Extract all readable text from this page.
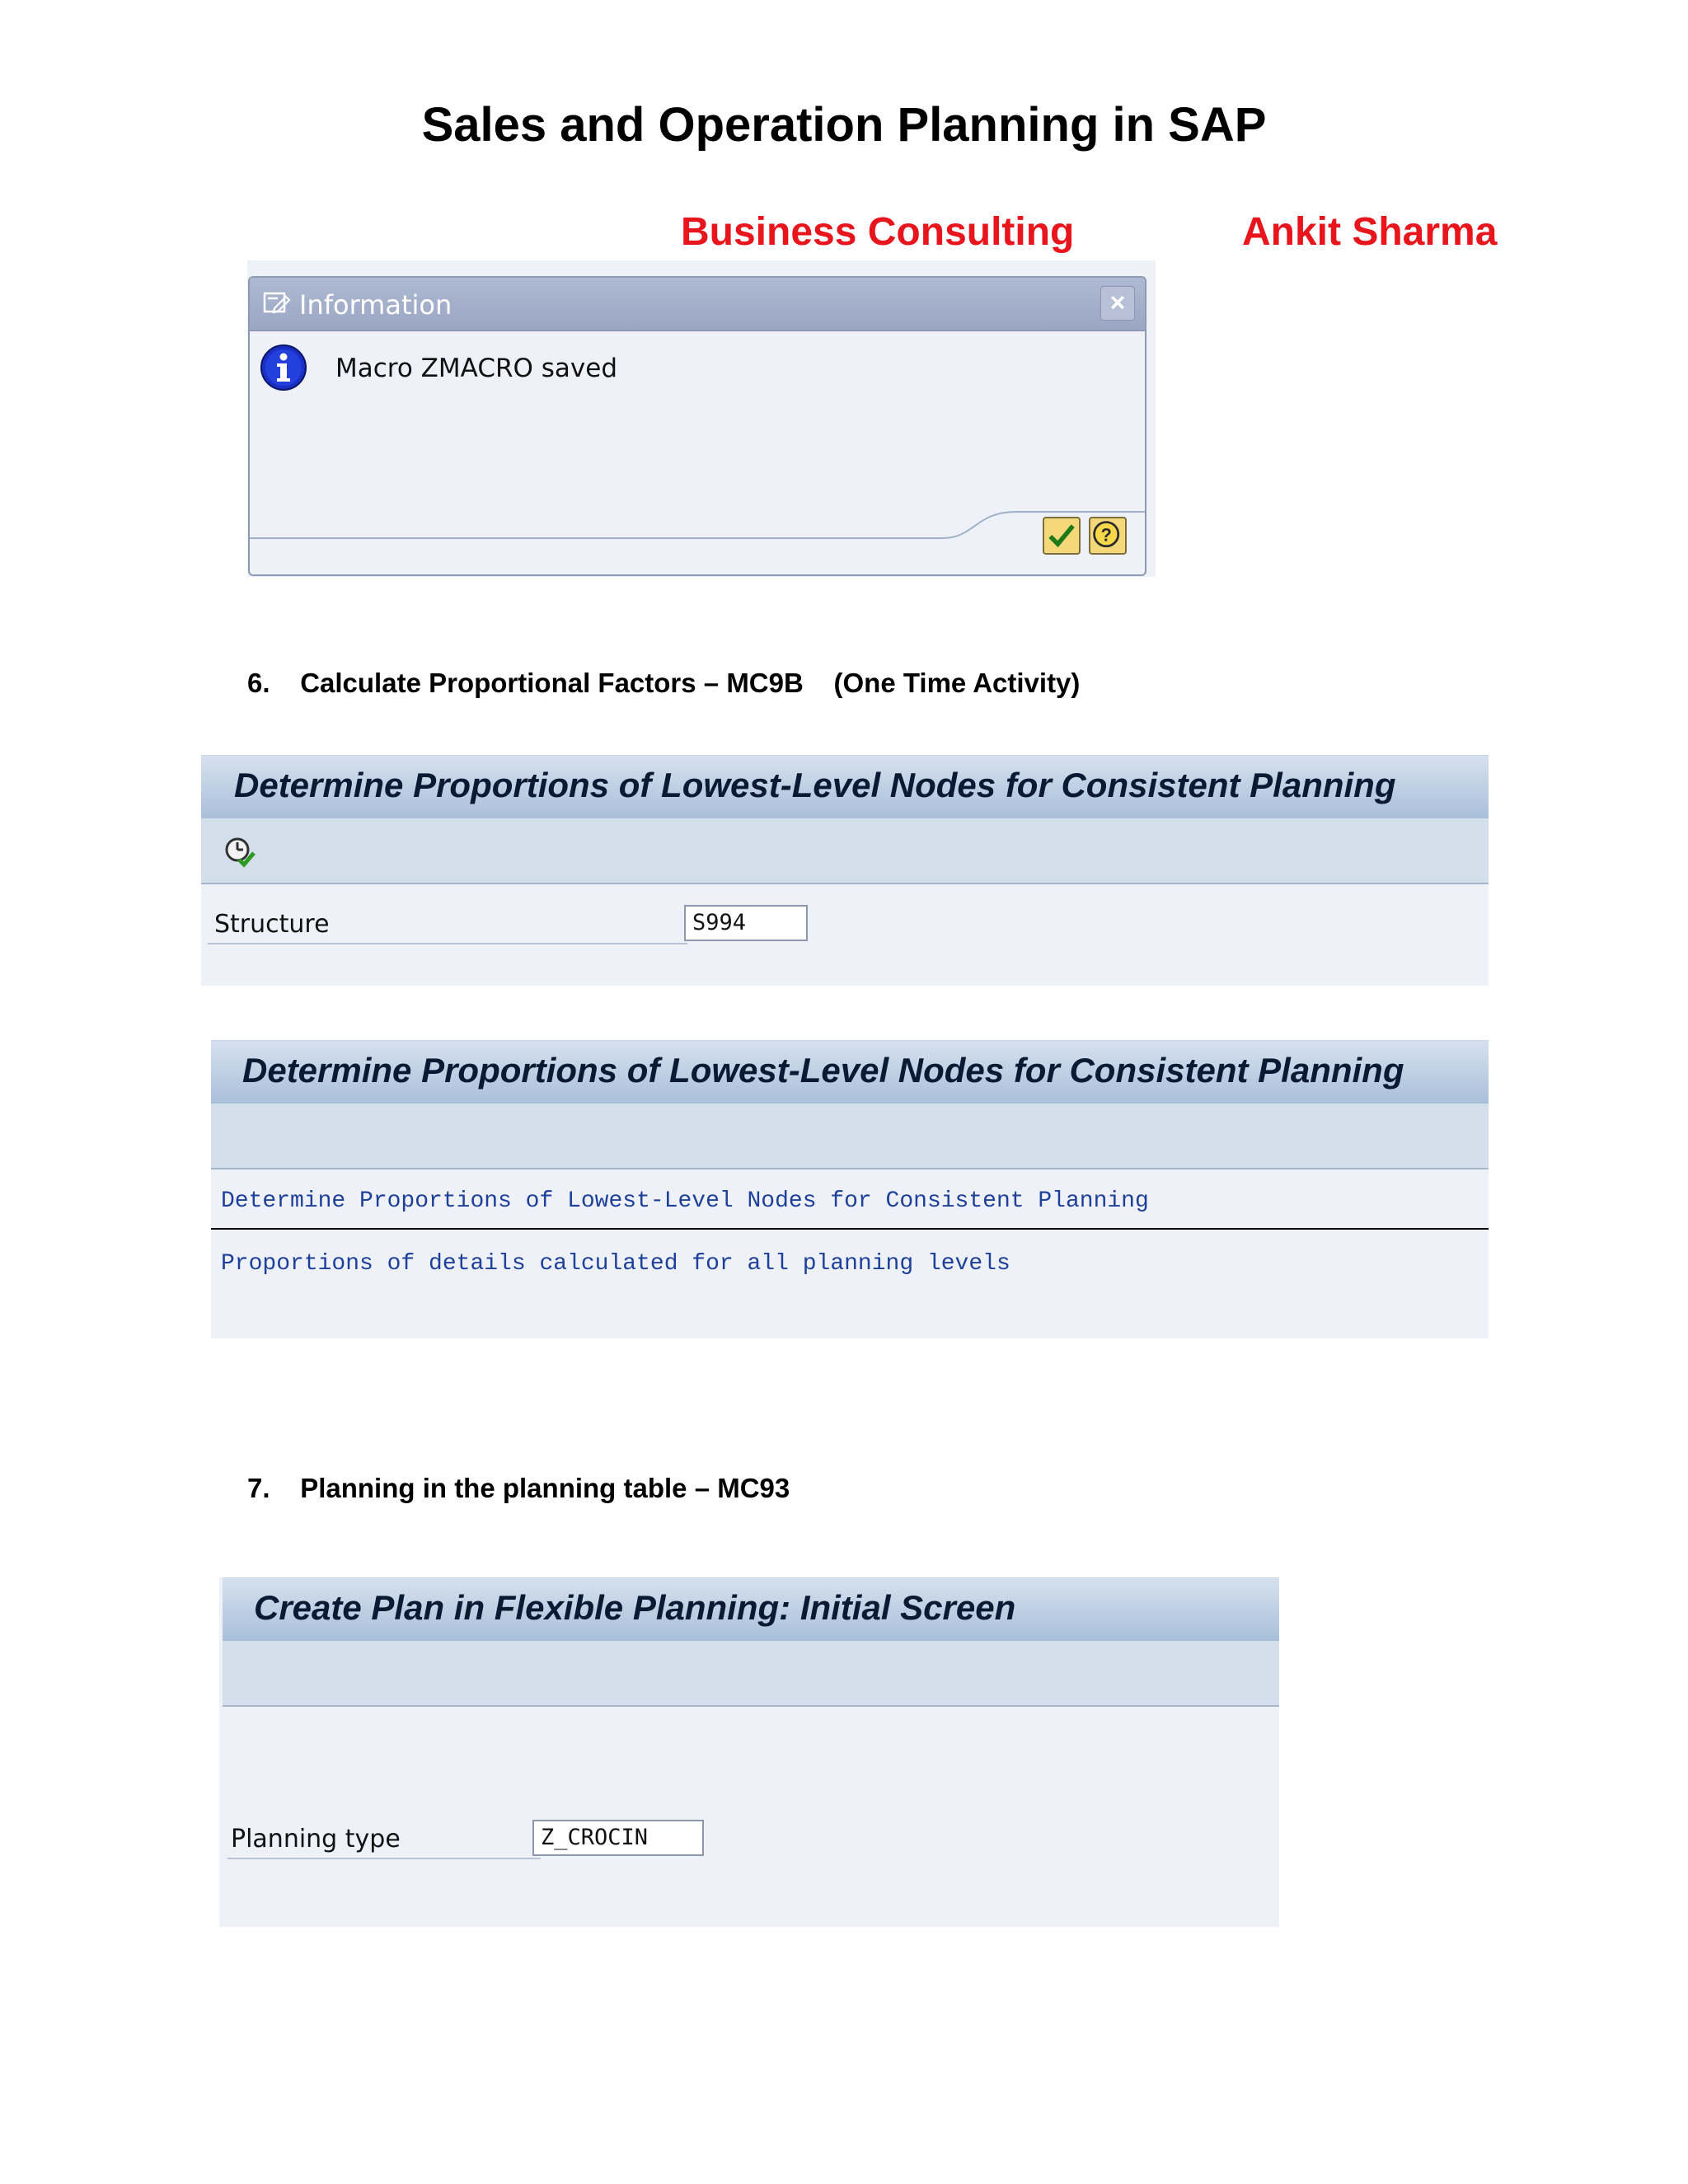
Sales and Operation Planning in SAP
Business Consulting	Ankit Sharma
Information	×
Macro ZMACRO saved
?
6.    Calculate Proportional Factors – MC9B    (One Time Activity)
Determine Proportions of Lowest-Level Nodes for Consistent Planning
Structure	S994
Determine Proportions of Lowest-Level Nodes for Consistent Planning
Determine Proportions of Lowest-Level Nodes for Consistent Planning
Proportions of details calculated for all planning levels
7.    Planning in the planning table – MC93
Create Plan in Flexible Planning: Initial Screen
Planning type	Z_CROCIN
